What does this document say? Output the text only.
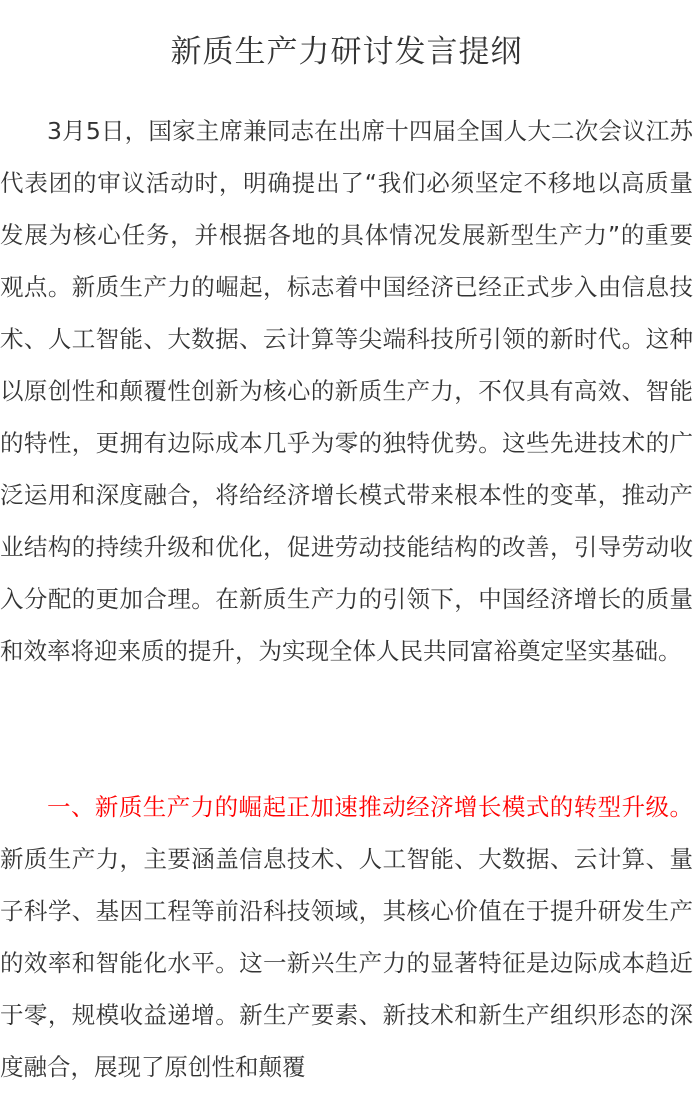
新质生产力研讨发言提纲

3月5日，国家主席兼同志在出席十四届全国人大二次会议江苏代表团的审议活动时，明确提出了“我们必须坚定不移地以高质量发展为核心任务，并根据各地的具体情况发展新型生产力”的重要观点。新质生产力的崛起，标志着中国经济已经正式步入由信息技术、人工智能、大数据、云计算等尖端科技所引领的新时代。这种以原创性和颠覆性创新为核心的新质生产力，不仅具有高效、智能的特性，更拥有边际成本几乎为零的独特优势。这些先进技术的广泛运用和深度融合，将给经济增长模式带来根本性的变革，推动产业结构的持续升级和优化，促进劳动技能结构的改善，引导劳动收入分配的更加合理。在新质生产力的引领下，中国经济增长的质量和效率将迎来质的提升，为实现全体人民共同富裕奠定坚实基础。

一、新质生产力的崛起正加速推动经济增长模式的转型升级。新质生产力，主要涵盖信息技术、人工智能、大数据、云计算、量子科学、基因工程等前沿科技领域，其核心价值在于提升研发生产的效率和智能化水平。这一新兴生产力的显著特征是边际成本趋近于零，规模收益递增。新生产要素、新技术和新生产组织形态的深度融合，展现了原创性和颠覆
